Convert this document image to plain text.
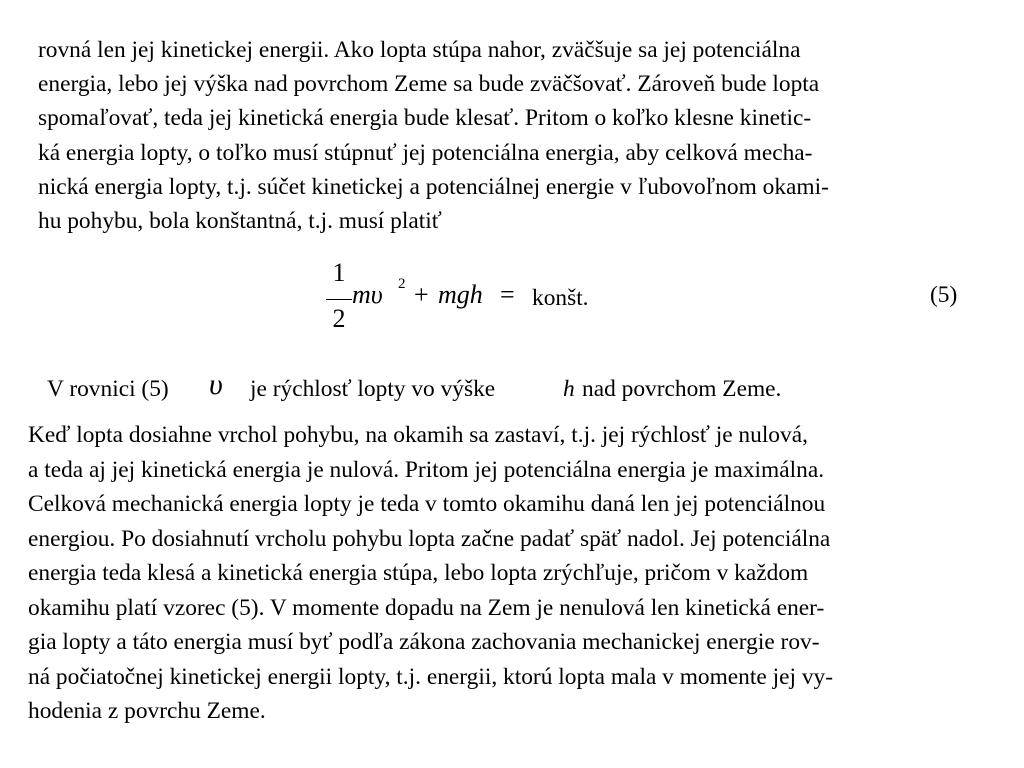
rovná len jej kinetickej energii. Ako lopta stúpa nahor, zväčšuje sa jej potenciálna
energia, lebo jej výška nad povrchom Zeme sa bude zväčšovať. Zároveň bude lopta
spomaľovať, teda jej kinetická energia bude klesať. Pritom o koľko klesne kinetic-
ká energia lopty, o toľko musí stúpnuť jej potenciálna energia, aby celková mecha-
nická energia lopty, t.j. súčet kinetickej a potenciálnej energie v ľubovoľnom okami-
hu pohybu, bola konštantná, t.j. musí platiť
1
2
mυ 2 + mgh = konšt.	(5)
V rovnici (5) υ je rýchlosť lopty vo výške	h nad povrchom Zeme.
Keď lopta dosiahne vrchol pohybu, na okamih sa zastaví, t.j. jej rýchlosť je nulová,
a teda aj jej kinetická energia je nulová. Pritom jej potenciálna energia je maximálna.
Celková mechanická energia lopty je teda v tomto okamihu daná len jej potenciálnou
energiou. Po dosiahnutí vrcholu pohybu lopta začne padať späť nadol. Jej potenciálna
energia teda klesá a kinetická energia stúpa, lebo lopta zrýchľuje, pričom v každom
okamihu platí vzorec (5). V momente dopadu na Zem je nenulová len kinetická ener-
gia lopty a táto energia musí byť podľa zákona zachovania mechanickej energie rov-
ná počiatočnej kinetickej energii lopty, t.j. energii, ktorú lopta mala v momente jej vy-
hodenia z povrchu Zeme.
